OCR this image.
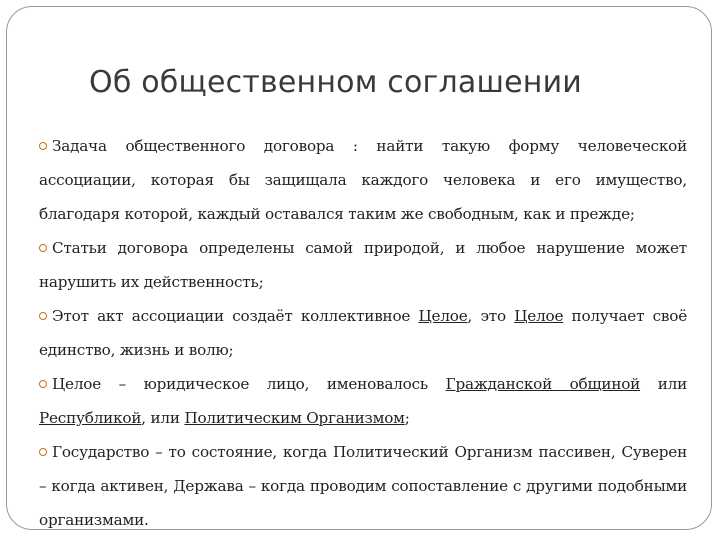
Об общественном соглашении
Задача общественного договора : найти такую форму человеческой ассоциации, которая бы защищала каждого человека и его имущество, благодаря которой, каждый оставался таким же свободным, как и прежде;
Статьи договора определены самой природой, и любое нарушение может нарушить их действенность;
Этот акт ассоциации создаёт коллективное Целое, это Целое получает своё единство, жизнь и волю;
Целое – юридическое лицо, именовалось Гражданской общиной или Республикой, или Политическим Организмом;
Государство – то состояние, когда Политический Организм пассивен, Суверен – когда активен, Держава – когда проводим сопоставление с другими подобными организмами.
